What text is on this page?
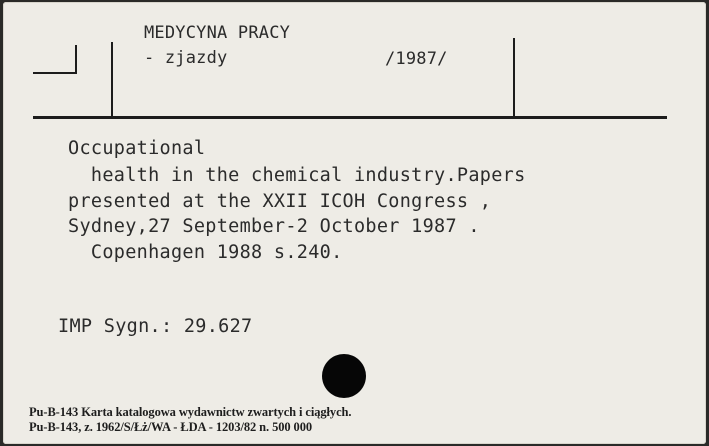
MEDYCYNA PRACY
- zjazdy	/1987/
Occupational
health in the chemical industry.Papers
presented at the XXII ICOH Congress ,
Sydney,27 September-2 October 1987 .
Copenhagen 1988 s.240.
IMP Sygn.: 29.627
Pu-B-143 Karta katalogowa wydawnictw zwartych i ciągłych.
Pu-B-143, z. 1962/S/Łż/WA - ŁDA - 1203/82 n. 500 000
